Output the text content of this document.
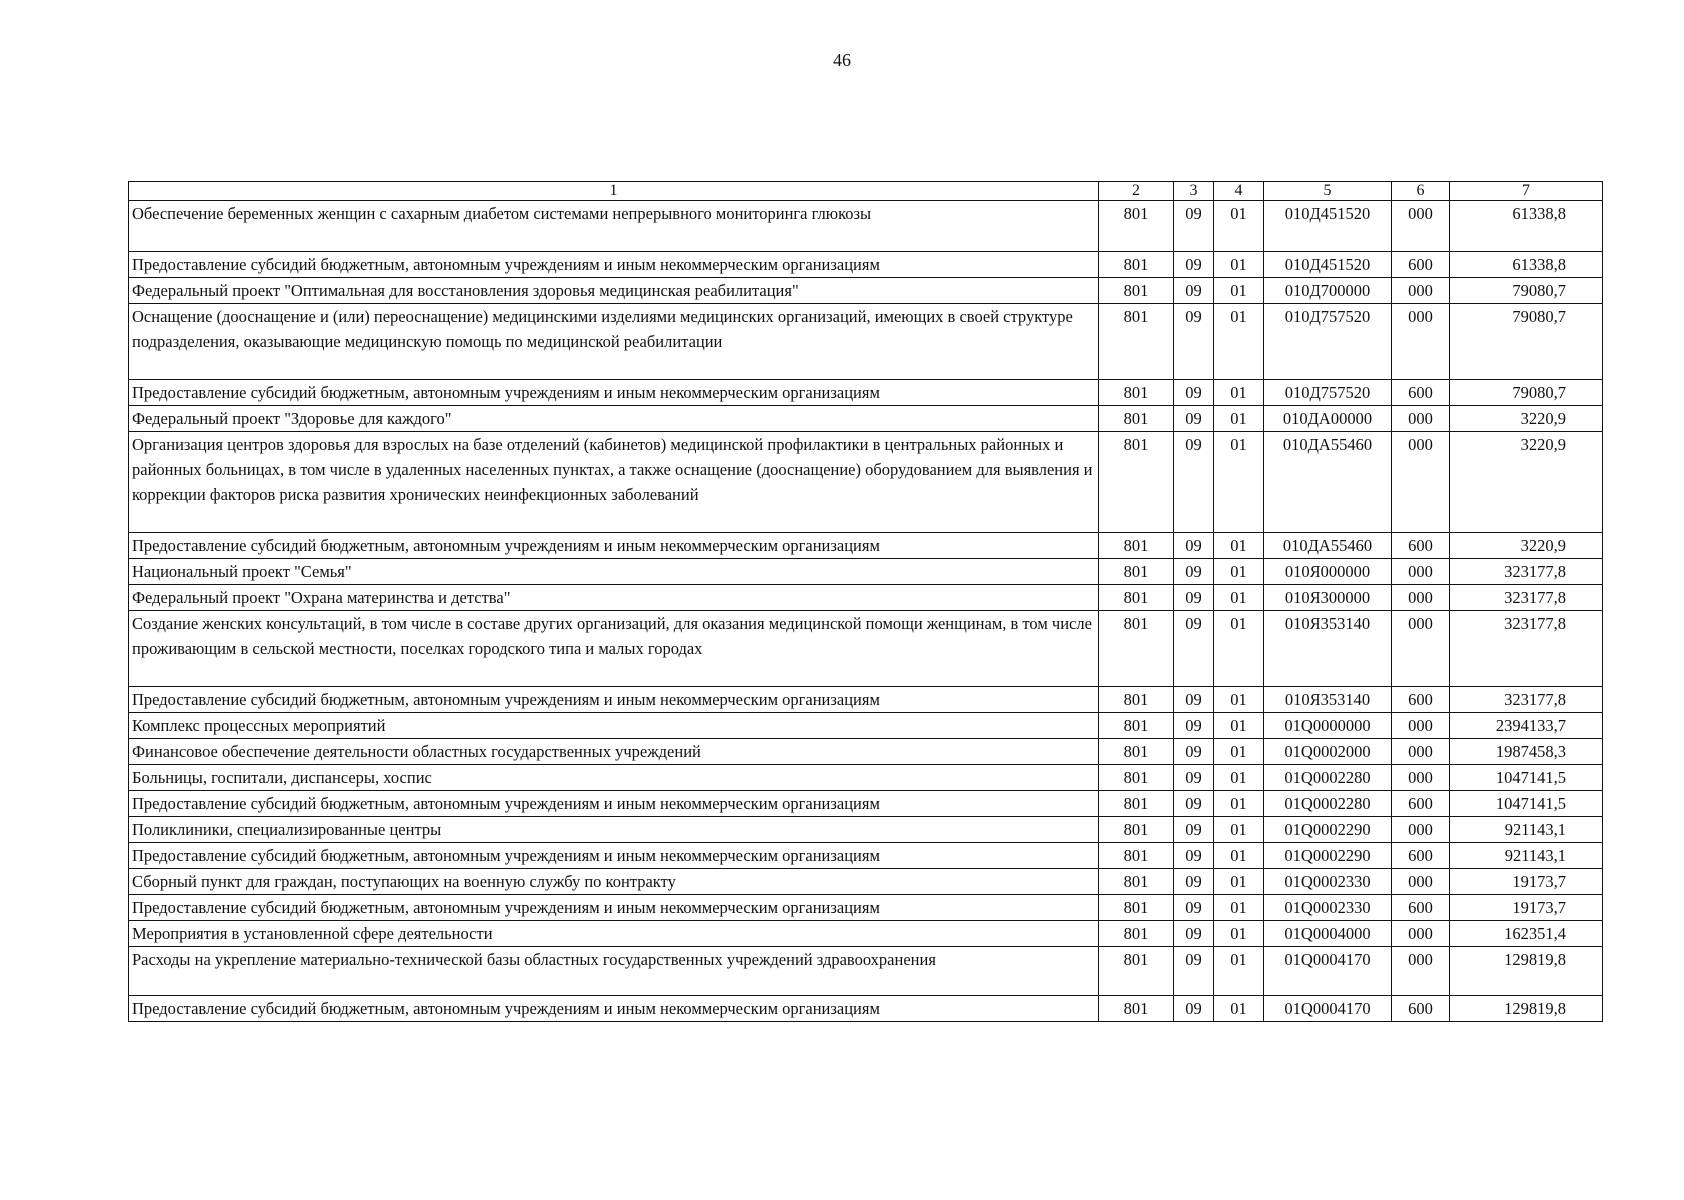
46
1	2	3	4	5	6	7
Обеспечение беременных женщин с сахарным диабетом системами непрерывного мониторинга глюкозы	801	09	01	010Д451520	000	61338,8
Предоставление субсидий бюджетным, автономным учреждениям и иным некоммерческим организациям	801	09	01	010Д451520	600	61338,8
Федеральный проект "Оптимальная для восстановления здоровья медицинская реабилитация"	801	09	01	010Д700000	000	79080,7
Оснащение (дооснащение и (или) переоснащение) медицинскими изделиями медицинских организаций, имеющих в своей структуре подразделения, оказывающие медицинскую помощь по медицинской реабилитации	801	09	01	010Д757520	000	79080,7
Предоставление субсидий бюджетным, автономным учреждениям и иным некоммерческим организациям	801	09	01	010Д757520	600	79080,7
Федеральный проект "Здоровье для каждого"	801	09	01	010ДА00000	000	3220,9
Организация центров здоровья для взрослых на базе отделений (кабинетов) медицинской профилактики в центральных районных и районных больницах, в том числе в удаленных населенных пунктах, а также оснащение (дооснащение) оборудованием для выявления и коррекции факторов риска развития хронических неинфекционных заболеваний	801	09	01	010ДА55460	000	3220,9
Предоставление субсидий бюджетным, автономным учреждениям и иным некоммерческим организациям	801	09	01	010ДА55460	600	3220,9
Национальный проект "Семья"	801	09	01	010Я000000	000	323177,8
Федеральный проект "Охрана материнства и детства"	801	09	01	010Я300000	000	323177,8
Создание женских консультаций, в том числе в составе других организаций, для оказания медицинской помощи женщинам, в том числе проживающим в сельской местности, поселках городского типа и малых городах	801	09	01	010Я353140	000	323177,8
Предоставление субсидий бюджетным, автономным учреждениям и иным некоммерческим организациям	801	09	01	010Я353140	600	323177,8
Комплекс процессных мероприятий	801	09	01	01Q0000000	000	2394133,7
Финансовое обеспечение деятельности областных государственных учреждений	801	09	01	01Q0002000	000	1987458,3
Больницы, госпитали, диспансеры, хоспис	801	09	01	01Q0002280	000	1047141,5
Предоставление субсидий бюджетным, автономным учреждениям и иным некоммерческим организациям	801	09	01	01Q0002280	600	1047141,5
Поликлиники, специализированные центры	801	09	01	01Q0002290	000	921143,1
Предоставление субсидий бюджетным, автономным учреждениям и иным некоммерческим организациям	801	09	01	01Q0002290	600	921143,1
Сборный пункт для граждан, поступающих на военную службу по контракту	801	09	01	01Q0002330	000	19173,7
Предоставление субсидий бюджетным, автономным учреждениям и иным некоммерческим организациям	801	09	01	01Q0002330	600	19173,7
Мероприятия в установленной сфере деятельности	801	09	01	01Q0004000	000	162351,4
Расходы на укрепление материально-технической базы областных государственных учреждений здравоохранения	801	09	01	01Q0004170	000	129819,8
Предоставление субсидий бюджетным, автономным учреждениям и иным некоммерческим организациям	801	09	01	01Q0004170	600	129819,8
